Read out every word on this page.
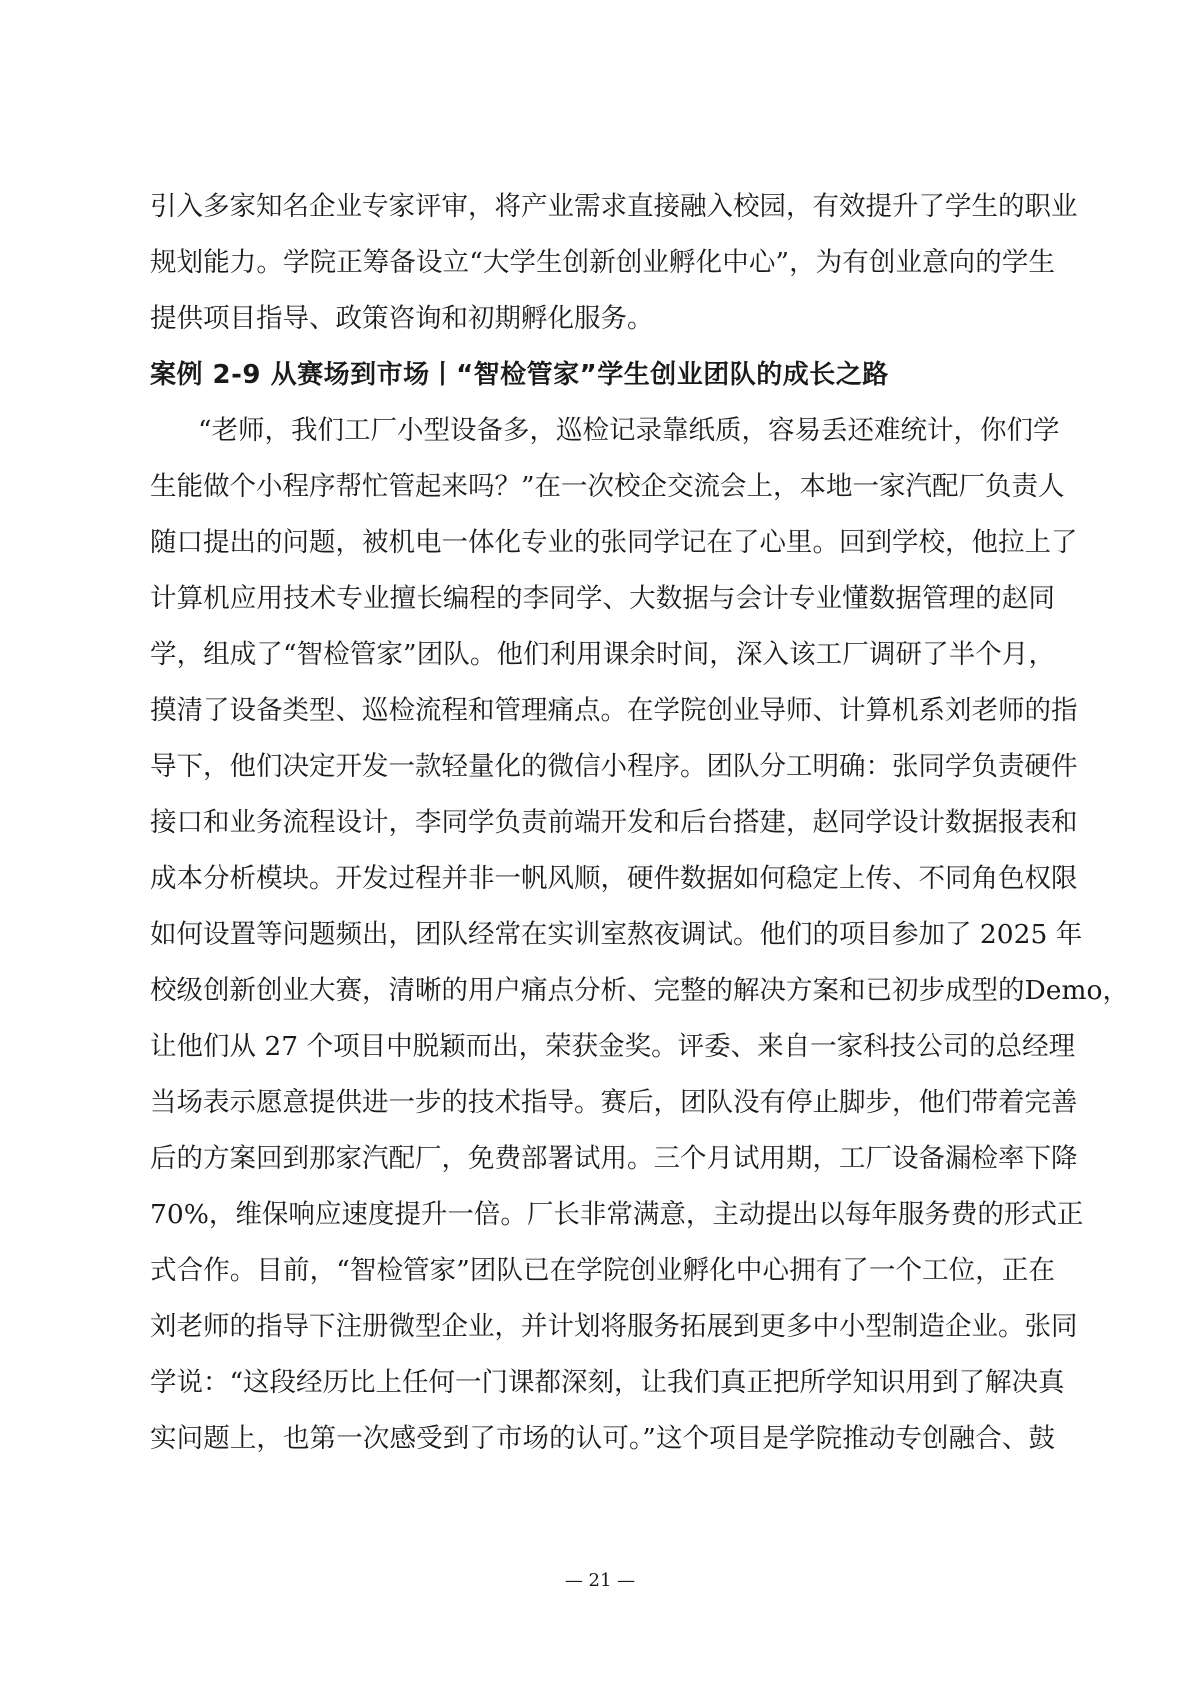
引入多家知名企业专家评审，将产业需求直接融入校园，有效提升了学生的职业
规划能力。学院正筹备设立“大学生创新创业孵化中心”，为有创业意向的学生
提供项目指导、政策咨询和初期孵化服务。
案例 2-9 从赛场到市场丨“智检管家”学生创业团队的成长之路
“老师，我们工厂小型设备多，巡检记录靠纸质，容易丢还难统计，你们学
生能做个小程序帮忙管起来吗？”在一次校企交流会上，本地一家汽配厂负责人
随口提出的问题，被机电一体化专业的张同学记在了心里。回到学校，他拉上了
计算机应用技术专业擅长编程的李同学、大数据与会计专业懂数据管理的赵同
学，组成了“智检管家”团队。他们利用课余时间，深入该工厂调研了半个月，
摸清了设备类型、巡检流程和管理痛点。在学院创业导师、计算机系刘老师的指
导下，他们决定开发一款轻量化的微信小程序。团队分工明确：张同学负责硬件
接口和业务流程设计，李同学负责前端开发和后台搭建，赵同学设计数据报表和
成本分析模块。开发过程并非一帆风顺，硬件数据如何稳定上传、不同角色权限
如何设置等问题频出，团队经常在实训室熬夜调试。他们的项目参加了 2025 年
校级创新创业大赛，清晰的用户痛点分析、完整的解决方案和已初步成型的Demo，
让他们从 27 个项目中脱颖而出，荣获金奖。评委、来自一家科技公司的总经理
当场表示愿意提供进一步的技术指导。赛后，团队没有停止脚步，他们带着完善
后的方案回到那家汽配厂，免费部署试用。三个月试用期，工厂设备漏检率下降
70%，维保响应速度提升一倍。厂长非常满意，主动提出以每年服务费的形式正
式合作。目前，“智检管家”团队已在学院创业孵化中心拥有了一个工位，正在
刘老师的指导下注册微型企业，并计划将服务拓展到更多中小型制造企业。张同
学说：“这段经历比上任何一门课都深刻，让我们真正把所学知识用到了解决真
实问题上，也第一次感受到了市场的认可。”这个项目是学院推动专创融合、鼓
— 21 —
